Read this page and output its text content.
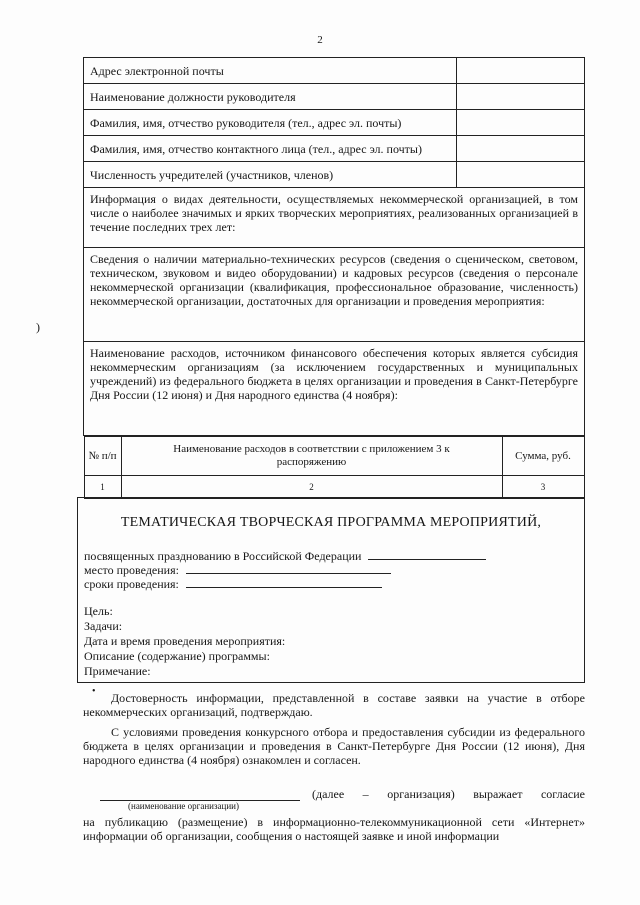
2
)
Адрес электронной почты	
Наименование должности руководителя	
Фамилия, имя, отчество руководителя (тел., адрес эл. почты)	
Фамилия, имя, отчество контактного лица (тел., адрес эл. почты)	
Численность учредителей (участников, членов)	
Информация о видах деятельности, осуществляемых некоммерческой организацией, в том числе о наиболее значимых и ярких творческих мероприятиях, реализованных организацией в течение последних трех лет:
Сведения о наличии материально-технических ресурсов (сведения о сценическом, световом, техническом, звуковом и видео оборудовании) и кадровых ресурсов (сведения о персонале некоммерческой организации (квалификация, профессиональное образование, численность) некоммерческой организации, достаточных для организации и проведения мероприятия:
Наименование расходов, источником финансового обеспечения которых является субсидия некоммерческим организациям (за исключением государственных и муниципальных учреждений) из федерального бюджета в целях организации и проведения в Санкт-Петербурге Дня России (12 июня) и Дня народного единства (4 ноября):

№ п/п	Наименование расходов в соответствии с приложением 3 к распоряжению	Сумма, руб.
1	2	3
ТЕМАТИЧЕСКАЯ ТВОРЧЕСКАЯ ПРОГРАММА МЕРОПРИЯТИЙ,
посвященных празднованию в Российской Федерации
место проведения:
сроки проведения:
Цель:
Задачи:
Дата и время проведения мероприятия:
Описание (содержание) программы:
Примечание:
•	Достоверность информации, представленной в составе заявки на участие в отборе некоммерческих организаций, подтверждаю.
С условиями проведения конкурсного отбора и предоставления субсидии из федерального бюджета в целях организации и проведения в Санкт-Петербурге Дня России (12 июня), Дня народного единства (4 ноября) ознакомлен и согласен.
(далее – организация) выражает согласие
(наименование организации)
на публикацию (размещение) в информационно-телекоммуникационной сети «Интернет» информации об организации, сообщения о настоящей заявке и иной информации
